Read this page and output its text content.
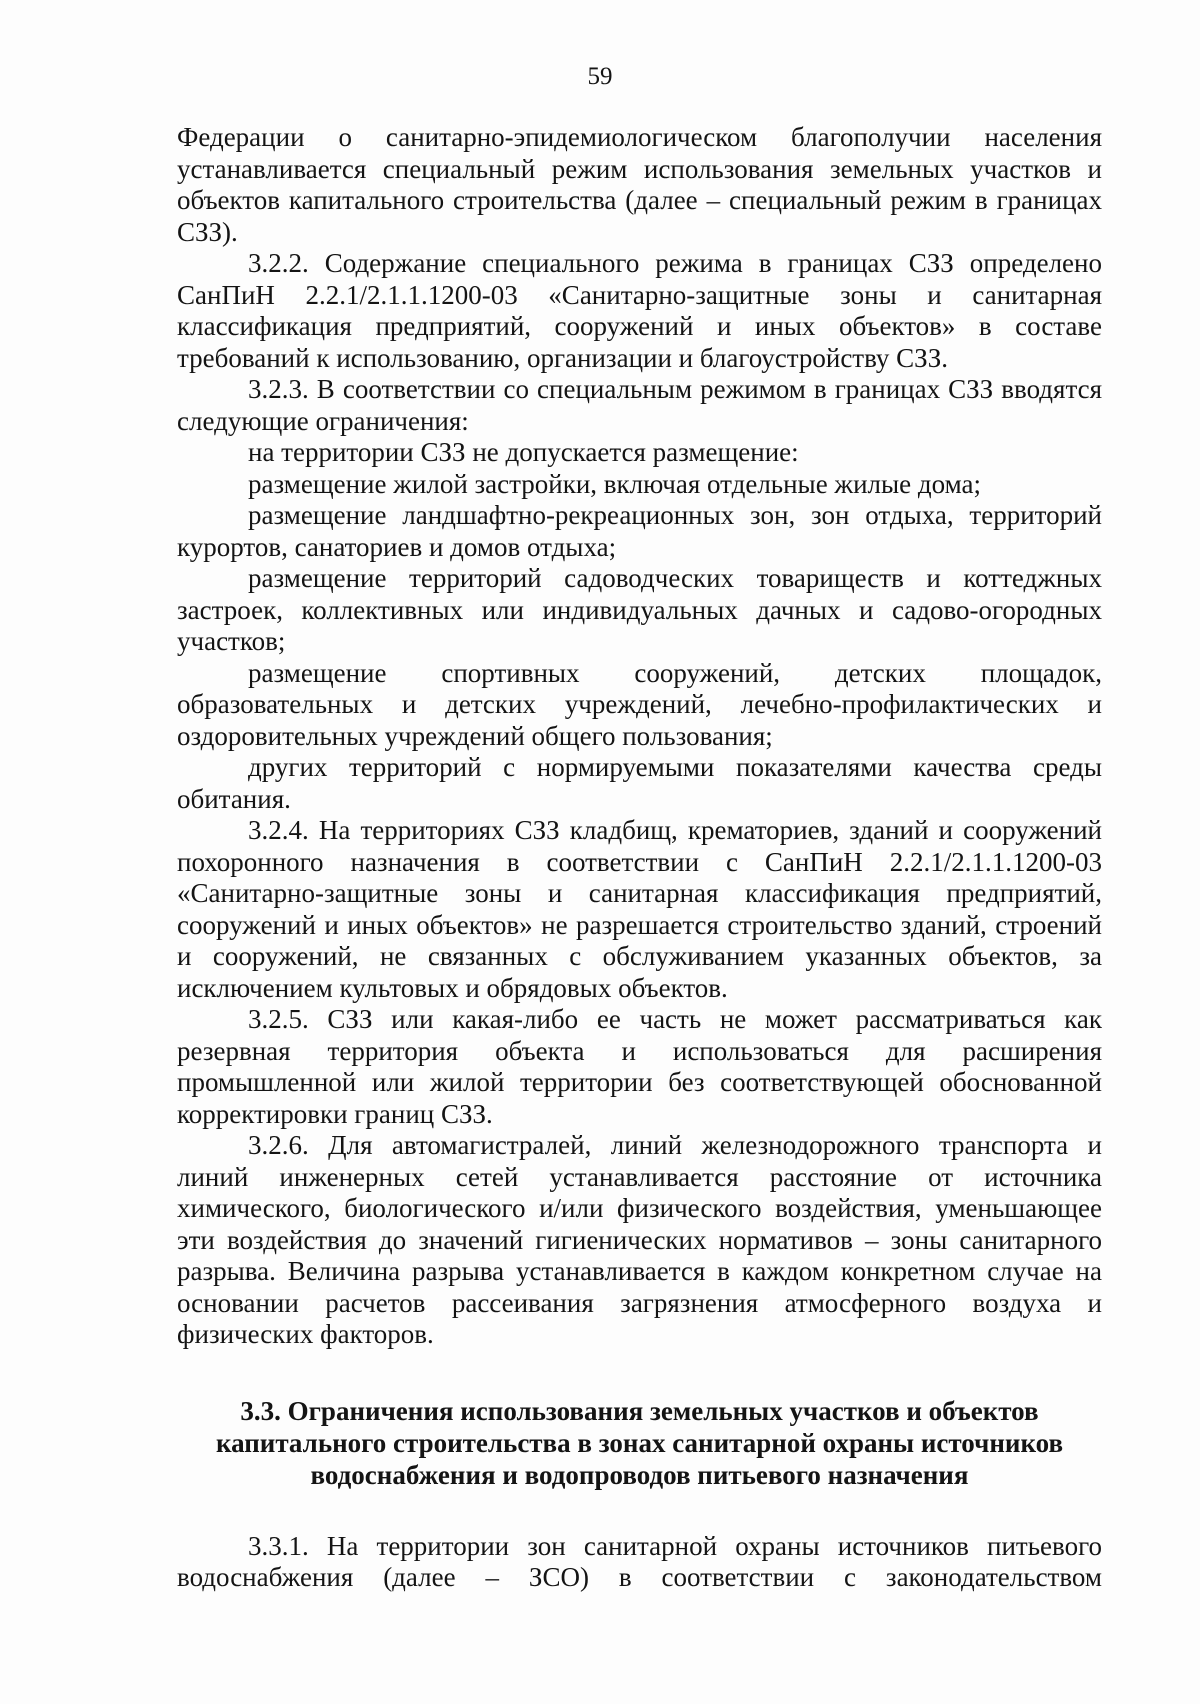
59

Федерации о санитарно-эпидемиологическом благополучии населения устанавливается специальный режим использования земельных участков и объектов капитального строительства (далее – специальный режим в границах СЗЗ).

3.2.2. Содержание специального режима в границах СЗЗ определено СанПиН 2.2.1/2.1.1.1200-03 «Санитарно-защитные зоны и санитарная классификация предприятий, сооружений и иных объектов» в составе требований к использованию, организации и благоустройству СЗЗ.

3.2.3. В соответствии со специальным режимом в границах СЗЗ вводятся следующие ограничения:

на территории СЗЗ не допускается размещение:

размещение жилой застройки, включая отдельные жилые дома;

размещение ландшафтно-рекреационных зон, зон отдыха, территорий курортов, санаториев и домов отдыха;

размещение территорий садоводческих товариществ и коттеджных застроек, коллективных или индивидуальных дачных и садово-огородных участков;

размещение спортивных сооружений, детских площадок, образовательных и детских учреждений, лечебно-профилактических и оздоровительных учреждений общего пользования;

других территорий с нормируемыми показателями качества среды обитания.

3.2.4. На территориях СЗЗ кладбищ, крематориев, зданий и сооружений похоронного назначения в соответствии с СанПиН 2.2.1/2.1.1.1200-03 «Санитарно-защитные зоны и санитарная классификация предприятий, сооружений и иных объектов» не разрешается строительство зданий, строений и сооружений, не связанных с обслуживанием указанных объектов, за исключением культовых и обрядовых объектов.

3.2.5. СЗЗ или какая-либо ее часть не может рассматриваться как резервная территория объекта и использоваться для расширения промышленной или жилой территории без соответствующей обоснованной корректировки границ СЗЗ.

3.2.6. Для автомагистралей, линий железнодорожного транспорта и линий инженерных сетей устанавливается расстояние от источника химического, биологического и/или физического воздействия, уменьшающее эти воздействия до значений гигиенических нормативов – зоны санитарного разрыва. Величина разрыва устанавливается в каждом конкретном случае на основании расчетов рассеивания загрязнения атмосферного воздуха и физических факторов.

3.3. Ограничения использования земельных участков и объектов
капитального строительства в зонах санитарной охраны источников
водоснабжения и водопроводов питьевого назначения

3.3.1. На территории зон санитарной охраны источников питьевого водоснабжения (далее – ЗСО) в соответствии с законодательством
